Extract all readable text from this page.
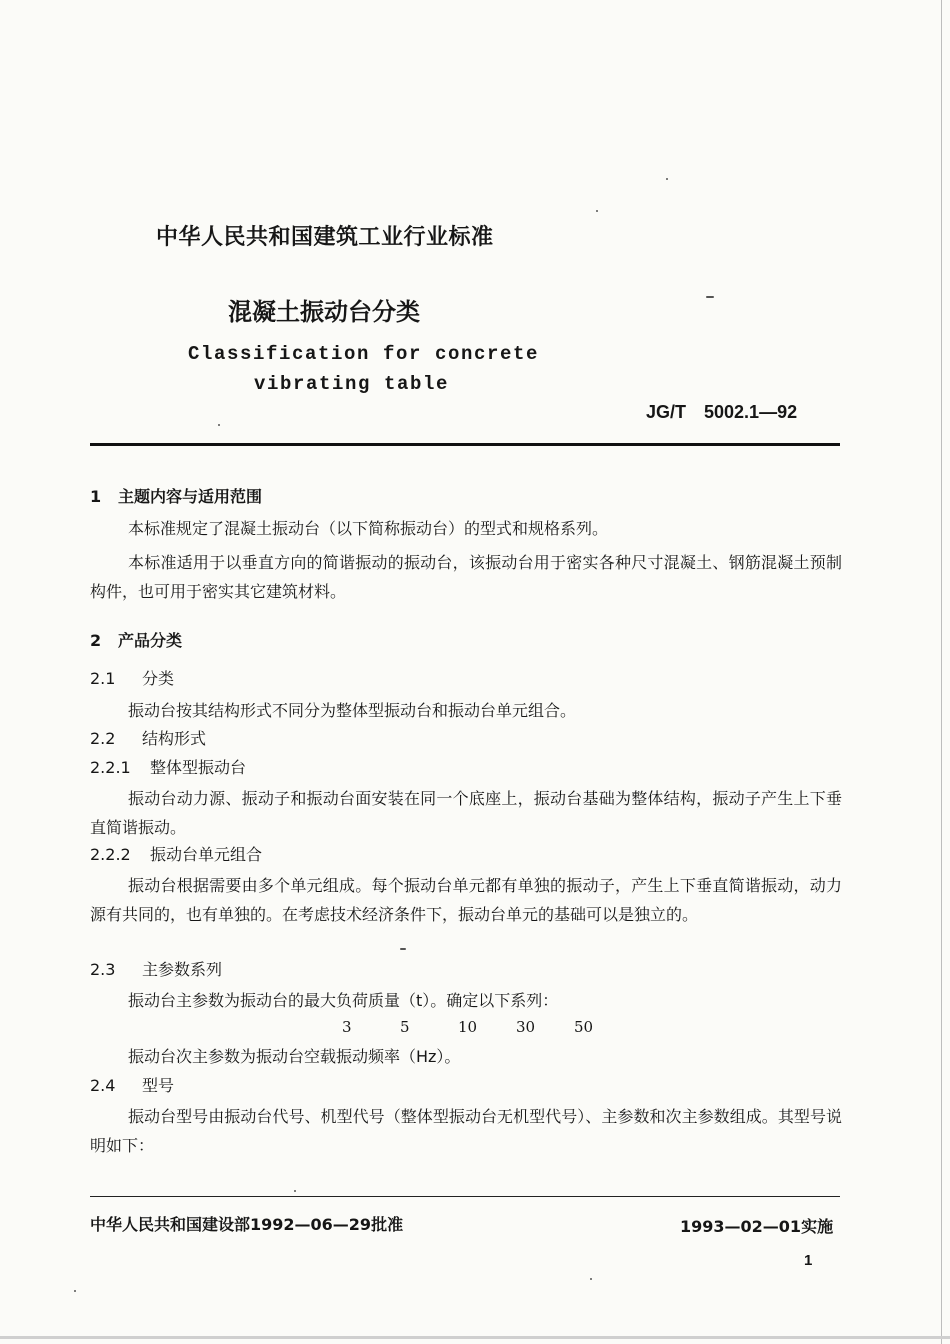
中华人民共和国建筑工业行业标准
混凝土振动台分类
Classification for concrete
vibrating table
JG/T 5002.1—92
1 主题内容与适用范围
本标准规定了混凝土振动台（以下简称振动台）的型式和规格系列。
本标准适用于以垂直方向的简谐振动的振动台，该振动台用于密实各种尺寸混凝土、钢筋混凝土预制构件，也可用于密实其它建筑材料。
2 产品分类
2.1 分类
振动台按其结构形式不同分为整体型振动台和振动台单元组合。
2.2 结构形式
2.2.1 整体型振动台
振动台动力源、振动子和振动台面安装在同一个底座上，振动台基础为整体结构，振动子产生上下垂直简谐振动。
2.2.2 振动台单元组合
振动台根据需要由多个单元组成。每个振动台单元都有单独的振动子，产生上下垂直简谐振动，动力源有共同的，也有单独的。在考虑技术经济条件下，振动台单元的基础可以是独立的。
2.3 主参数系列
振动台主参数为振动台的最大负荷质量（t）。确定以下系列：
3	5	10	30	50
振动台次主参数为振动台空载振动频率（Hz）。
2.4 型号
振动台型号由振动台代号、机型代号（整体型振动台无机型代号）、主参数和次主参数组成。其型号说明如下：
中华人民共和国建设部1992—06—29批准	1993—02—01实施
1
